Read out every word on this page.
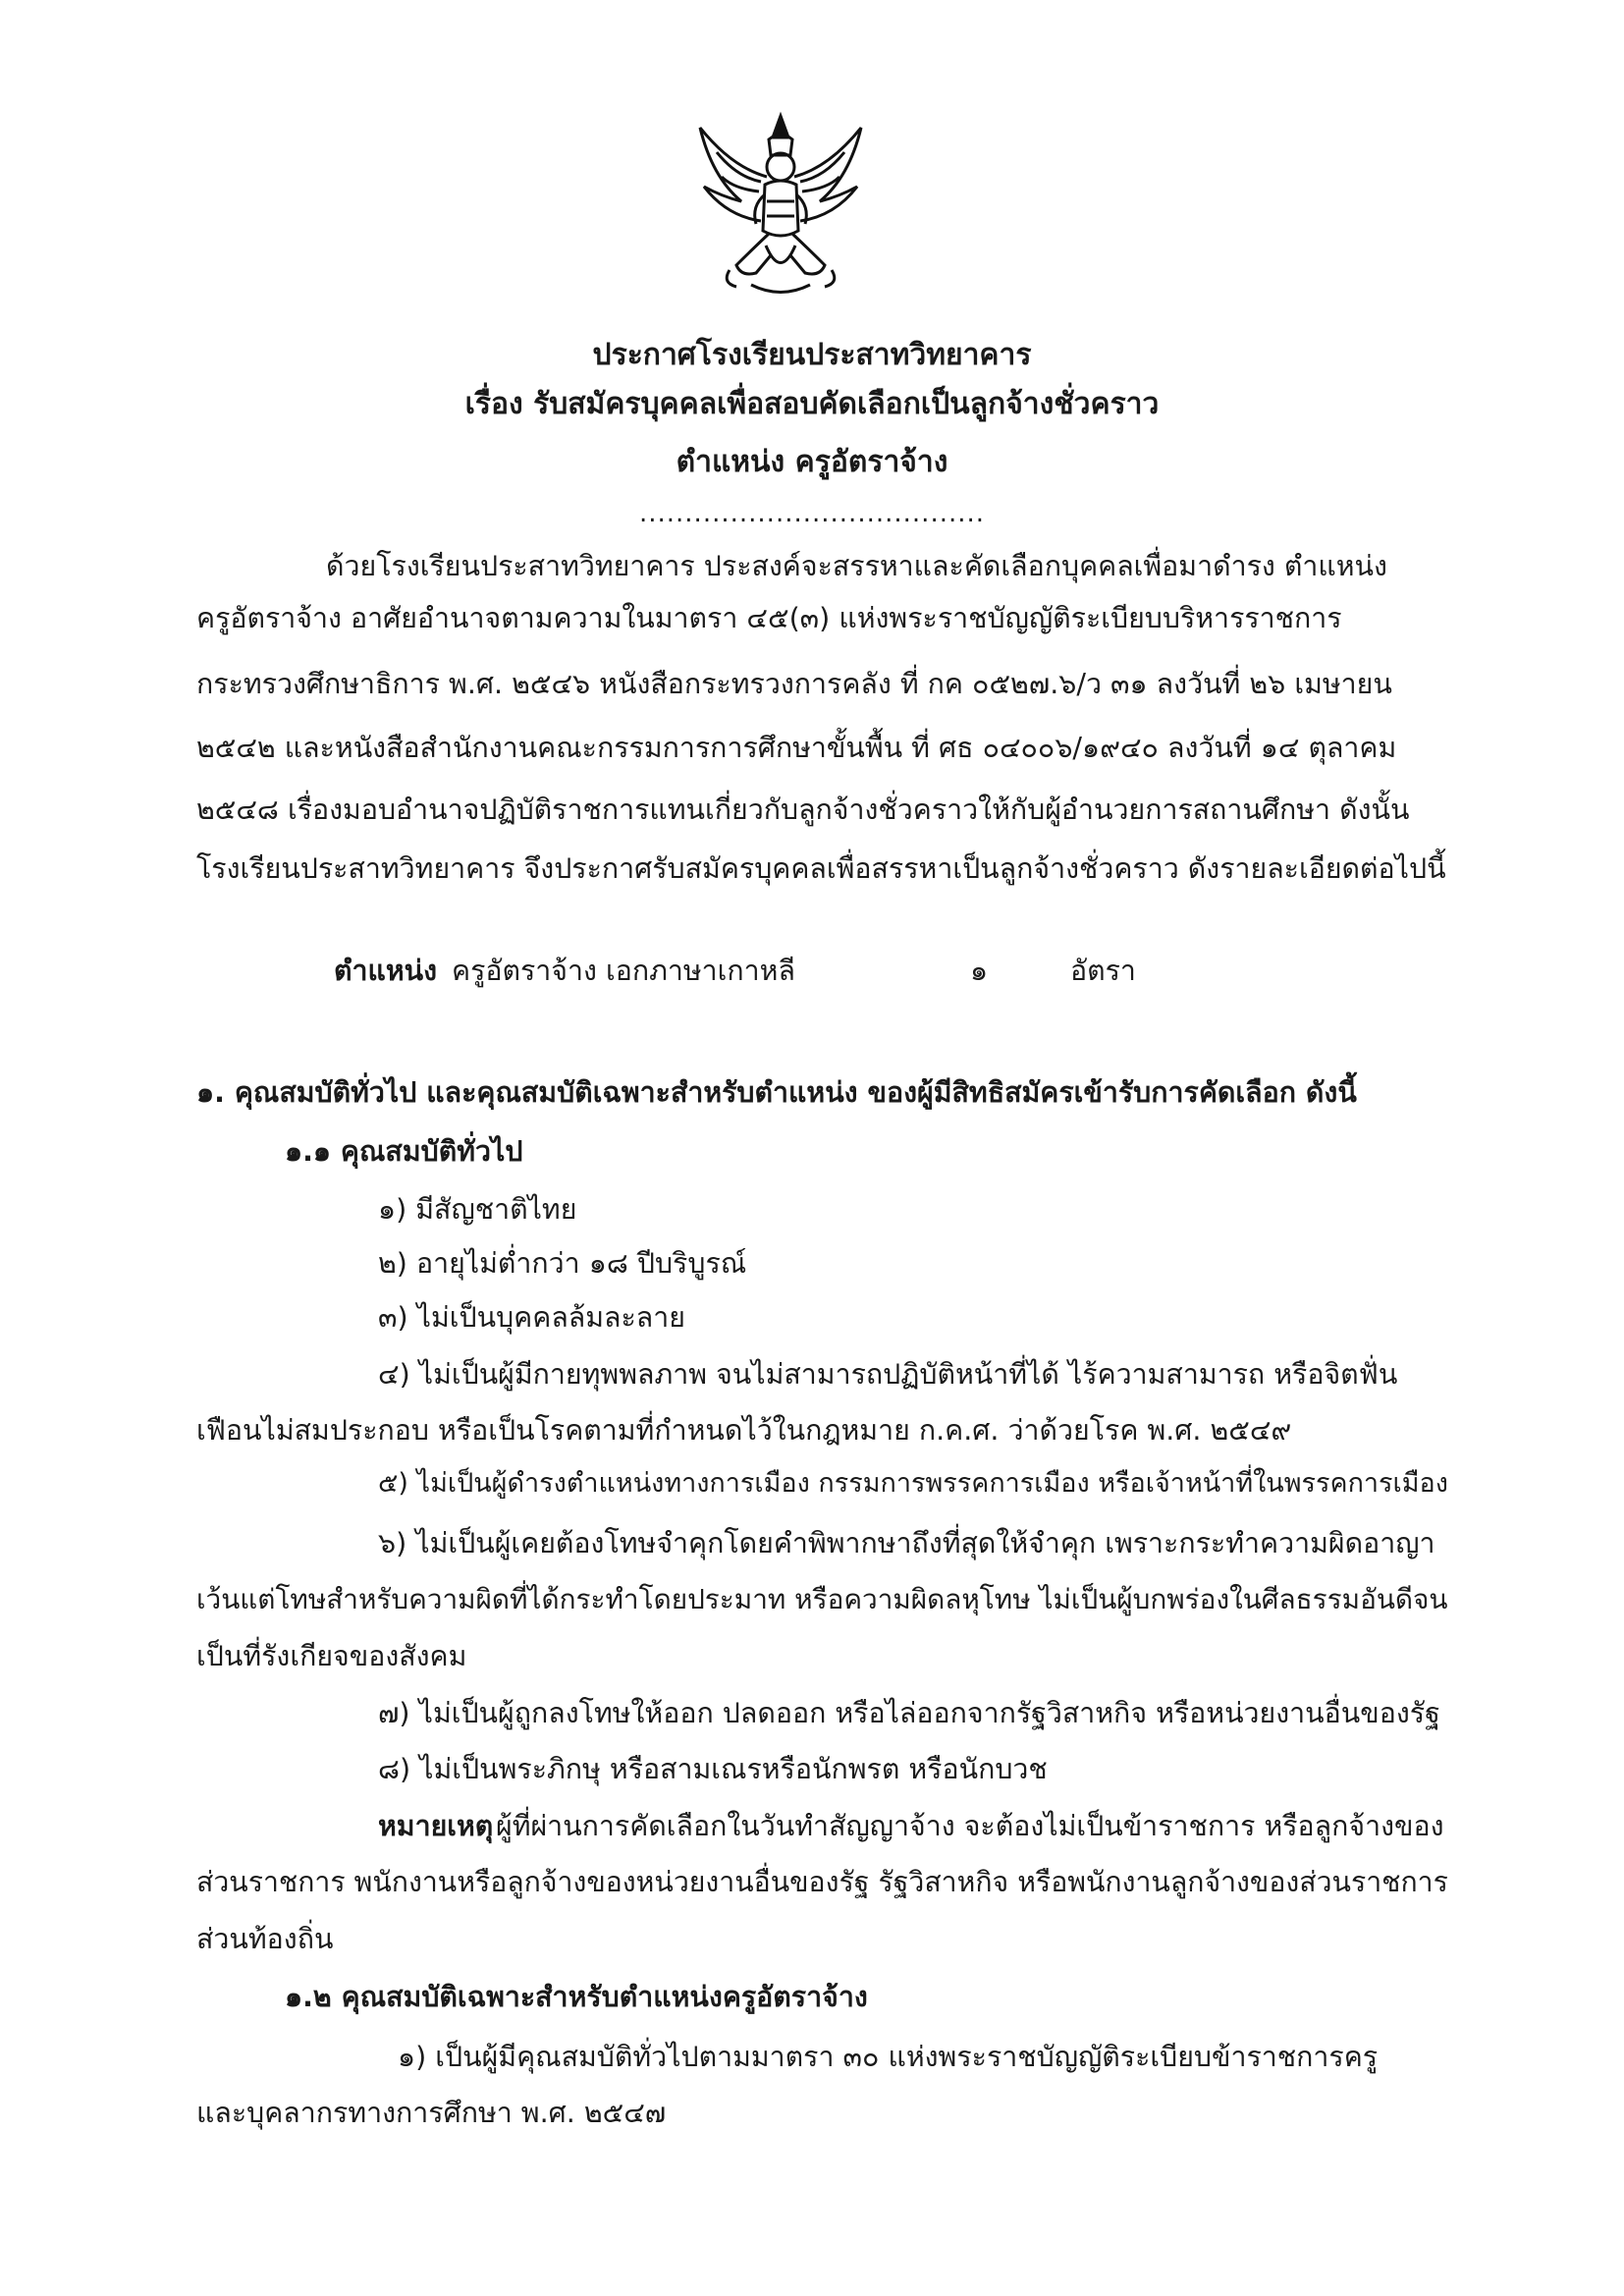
ประกาศโรงเรียนประสาทวิทยาคาร
เรื่อง รับสมัครบุคคลเพื่อสอบคัดเลือกเป็นลูกจ้างชั่วคราว
ตำแหน่ง ครูอัตราจ้าง
......................................
ด้วยโรงเรียนประสาทวิทยาคาร ประสงค์จะสรรหาและคัดเลือกบุคคลเพื่อมาดำรง ตำแหน่ง
ครูอัตราจ้าง อาศัยอำนาจตามความในมาตรา ๔๕(๓) แห่งพระราชบัญญัติระเบียบบริหารราชการ
กระทรวงศึกษาธิการ พ.ศ. ๒๕๔๖ หนังสือกระทรวงการคลัง ที่ กค ๐๕๒๗.๖/ว ๓๑ ลงวันที่ ๒๖ เมษายน
๒๕๔๒ และหนังสือสำนักงานคณะกรรมการการศึกษาขั้นพื้น ที่ ศธ ๐๔๐๐๖/๑๙๔๐ ลงวันที่ ๑๔ ตุลาคม
๒๕๔๘ เรื่องมอบอำนาจปฏิบัติราชการแทนเกี่ยวกับลูกจ้างชั่วคราวให้กับผู้อำนวยการสถานศึกษา ดังนั้น
โรงเรียนประสาทวิทยาคาร จึงประกาศรับสมัครบุคคลเพื่อสรรหาเป็นลูกจ้างชั่วคราว ดังรายละเอียดต่อไปนี้
ตำแหน่ง ครูอัตราจ้าง เอกภาษาเกาหลี	๑	อัตรา
๑. คุณสมบัติทั่วไป และคุณสมบัติเฉพาะสำหรับตำแหน่ง ของผู้มีสิทธิสมัครเข้ารับการคัดเลือก ดังนี้
๑.๑ คุณสมบัติทั่วไป
๑) มีสัญชาติไทย
๒) อายุไม่ต่ำกว่า ๑๘ ปีบริบูรณ์
๓) ไม่เป็นบุคคลล้มละลาย
๔) ไม่เป็นผู้มีกายทุพพลภาพ จนไม่สามารถปฏิบัติหน้าที่ได้ ไร้ความสามารถ หรือจิตฟั่น
เฟือนไม่สมประกอบ หรือเป็นโรคตามที่กำหนดไว้ในกฎหมาย ก.ค.ศ. ว่าด้วยโรค พ.ศ. ๒๕๔๙
๕) ไม่เป็นผู้ดำรงตำแหน่งทางการเมือง กรรมการพรรคการเมือง หรือเจ้าหน้าที่ในพรรคการเมือง
๖) ไม่เป็นผู้เคยต้องโทษจำคุกโดยคำพิพากษาถึงที่สุดให้จำคุก เพราะกระทำความผิดอาญา
เว้นแต่โทษสำหรับความผิดที่ได้กระทำโดยประมาท หรือความผิดลหุโทษ ไม่เป็นผู้บกพร่องในศีลธรรมอันดีจน
เป็นที่รังเกียจของสังคม
๗) ไม่เป็นผู้ถูกลงโทษให้ออก ปลดออก หรือไล่ออกจากรัฐวิสาหกิจ หรือหน่วยงานอื่นของรัฐ
๘) ไม่เป็นพระภิกษุ หรือสามเณรหรือนักพรต หรือนักบวช
หมายเหตุ ผู้ที่ผ่านการคัดเลือกในวันทำสัญญาจ้าง จะต้องไม่เป็นข้าราชการ หรือลูกจ้างของ
ส่วนราชการ พนักงานหรือลูกจ้างของหน่วยงานอื่นของรัฐ รัฐวิสาหกิจ หรือพนักงานลูกจ้างของส่วนราชการ
ส่วนท้องถิ่น
๑.๒ คุณสมบัติเฉพาะสำหรับตำแหน่งครูอัตราจ้าง
๑) เป็นผู้มีคุณสมบัติทั่วไปตามมาตรา ๓๐ แห่งพระราชบัญญัติระเบียบข้าราชการครู
และบุคลากรทางการศึกษา พ.ศ. ๒๕๔๗
